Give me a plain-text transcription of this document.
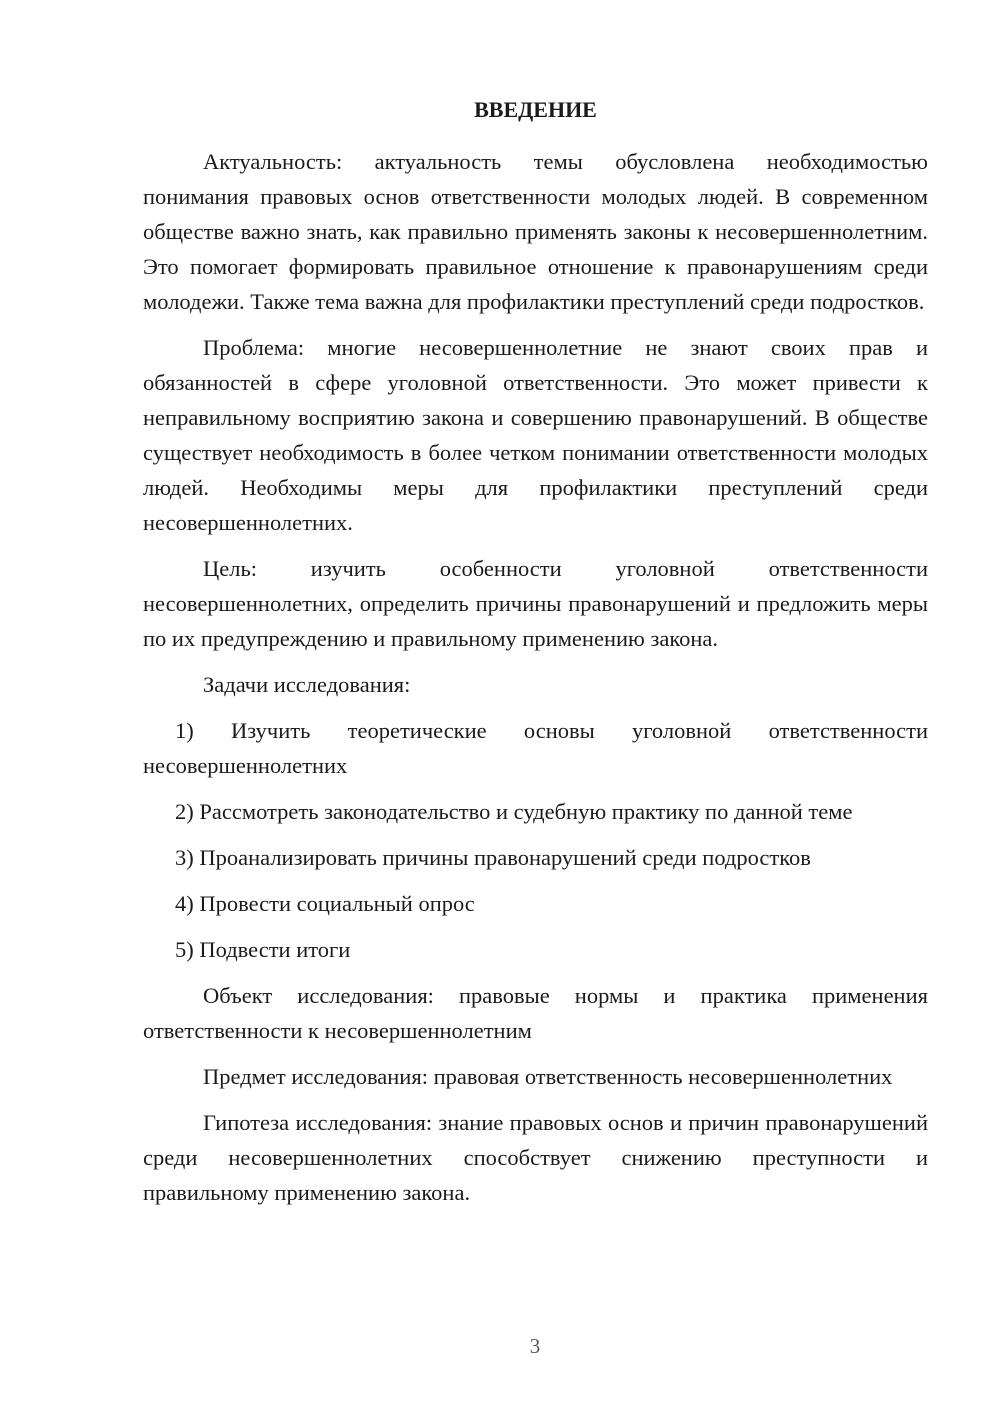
ВВЕДЕНИЕ

Актуальность: актуальность темы обусловлена необходимостью понимания правовых основ ответственности молодых людей. В современном обществе важно знать, как правильно применять законы к несовершеннолетним. Это помогает формировать правильное отношение к правонарушениям среди молодежи. Также тема важна для профилактики преступлений среди подростков.

Проблема: многие несовершеннолетние не знают своих прав и обязанностей в сфере уголовной ответственности. Это может привести к неправильному восприятию закона и совершению правонарушений. В обществе существует необходимость в более четком понимании ответственности молодых людей. Необходимы меры для профилактики преступлений среди несовершеннолетних.

Цель: изучить особенности уголовной ответственности несовершеннолетних, определить причины правонарушений и предложить меры по их предупреждению и правильному применению закона.

Задачи исследования:

1) Изучить теоретические основы уголовной ответственности несовершеннолетних

2) Рассмотреть законодательство и судебную практику по данной теме

3) Проанализировать причины правонарушений среди подростков

4) Провести социальный опрос

5) Подвести итоги

Объект исследования: правовые нормы и практика применения ответственности к несовершеннолетним

Предмет исследования: правовая ответственность несовершеннолетних

Гипотеза исследования: знание правовых основ и причин правонарушений среди несовершеннолетних способствует снижению преступности и правильному применению закона.

3
